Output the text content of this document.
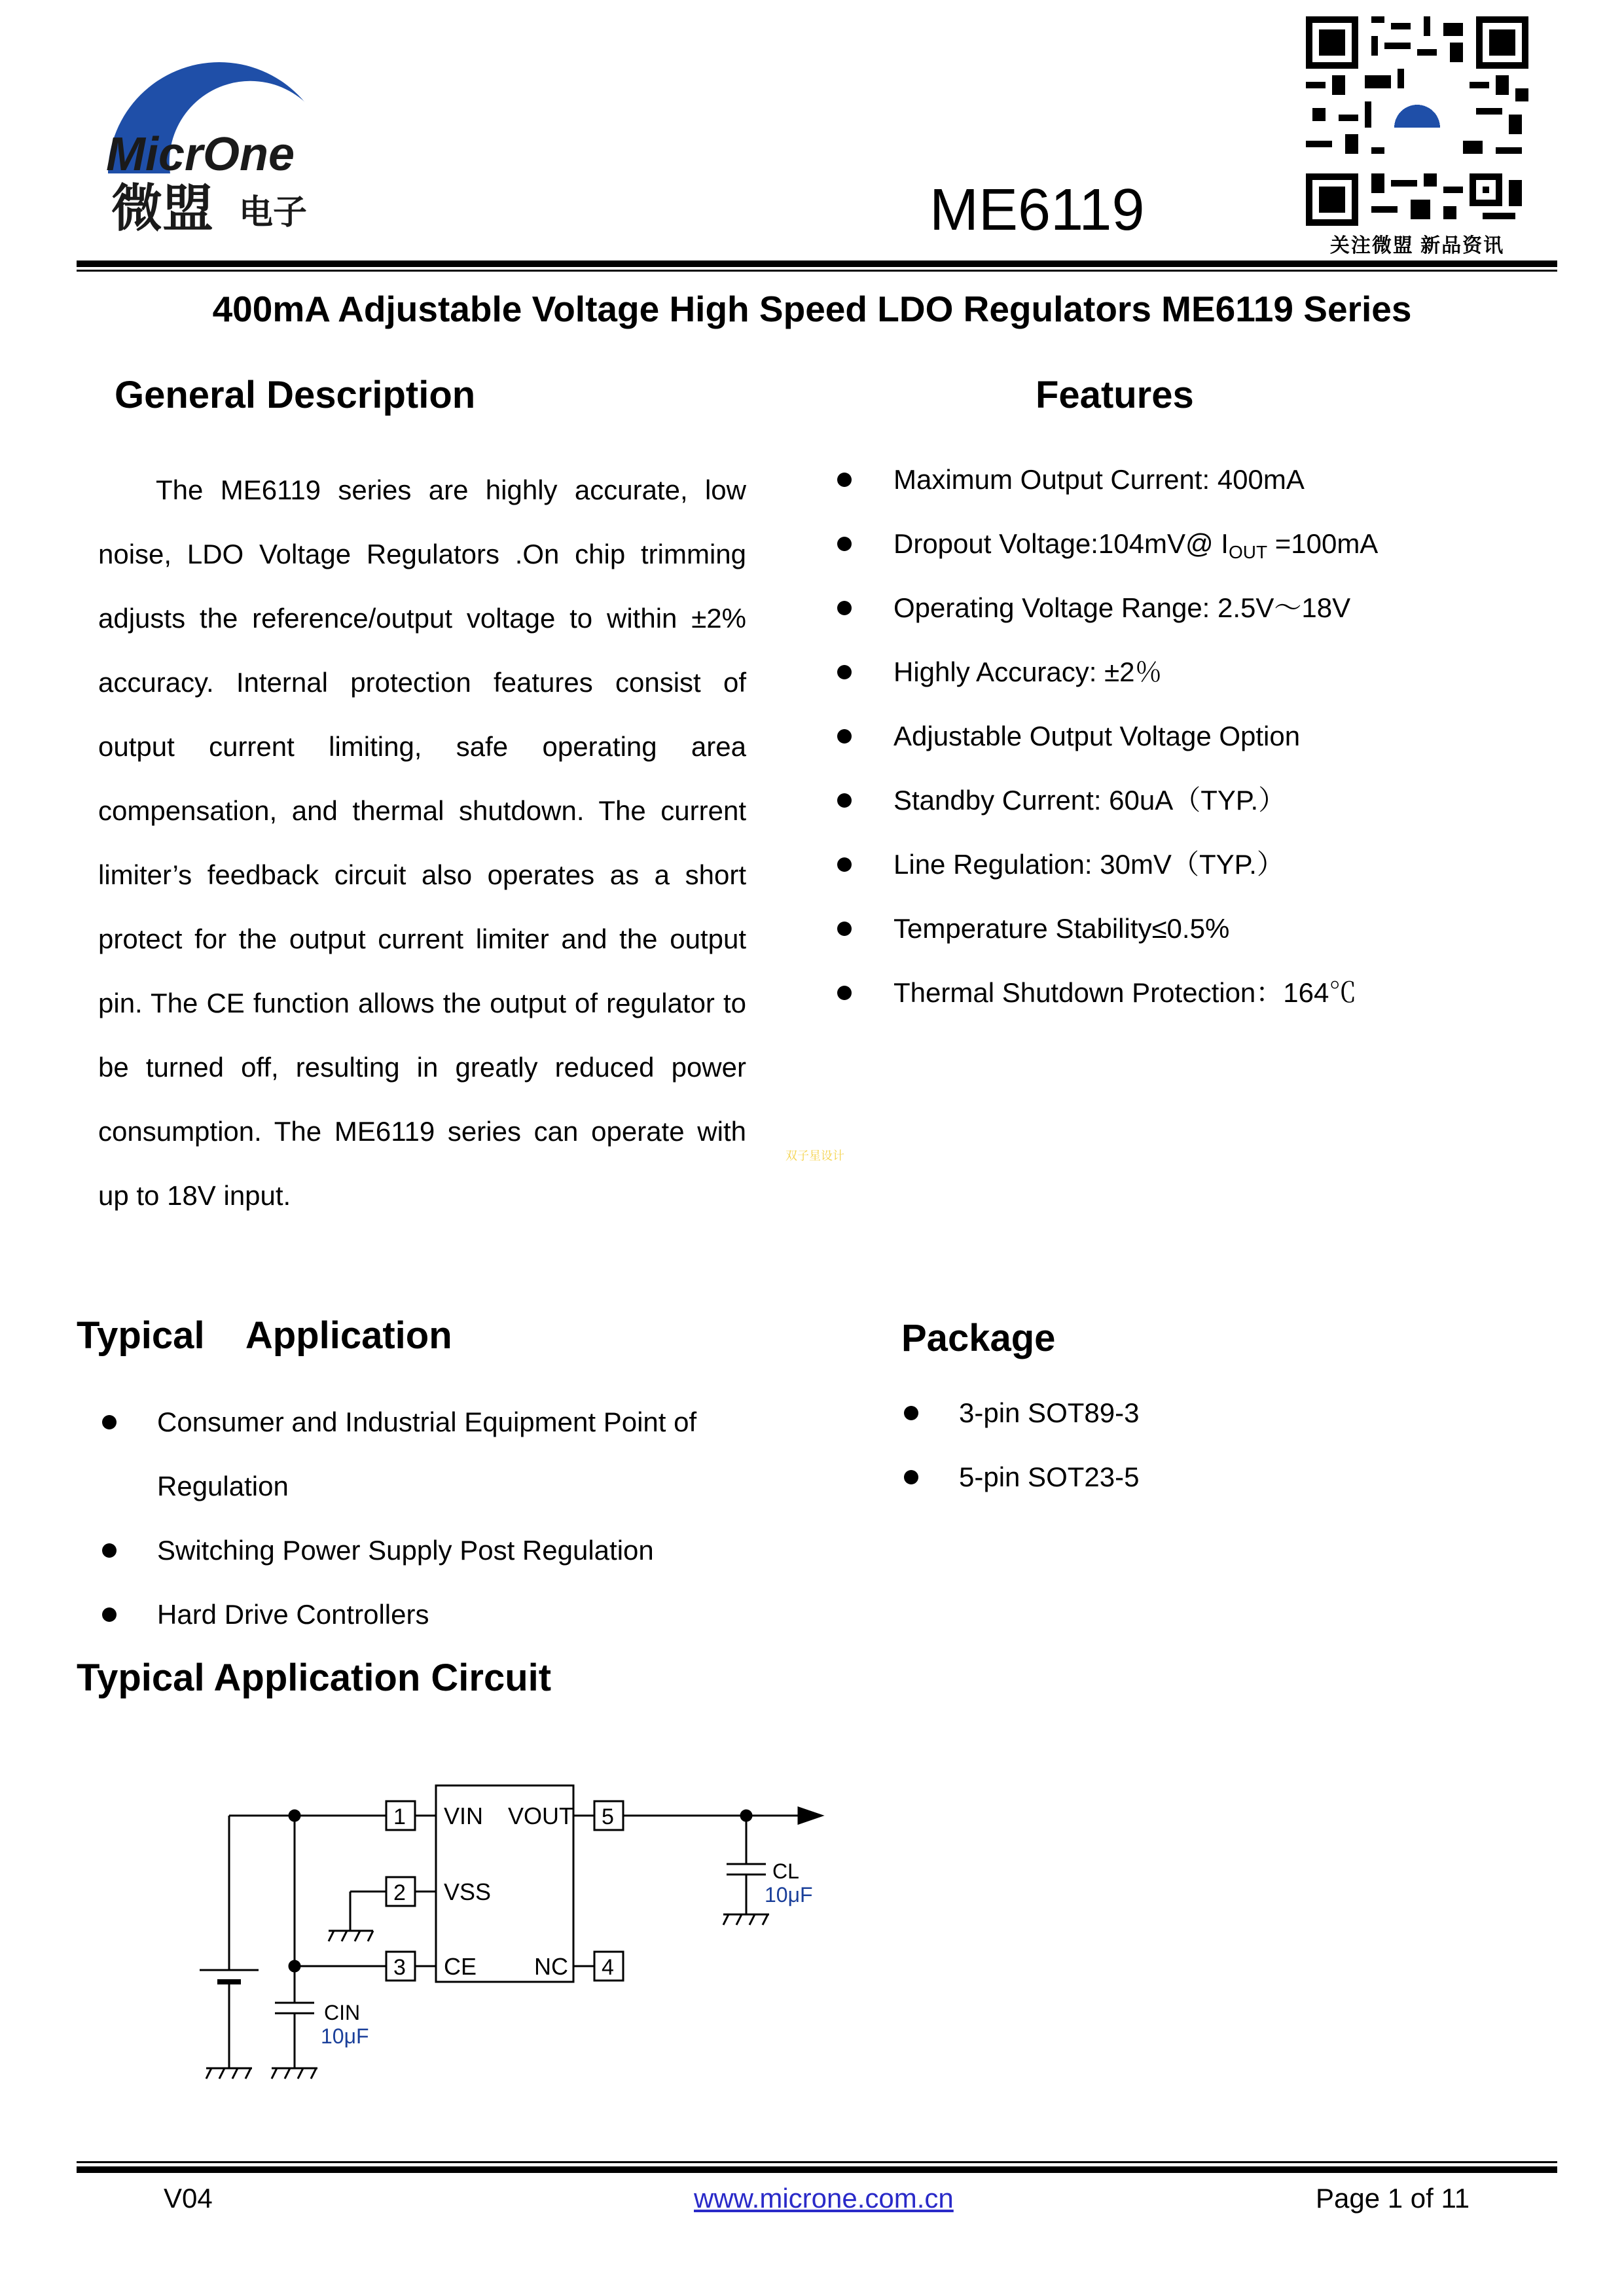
MicrOne
微盟 电子	ME6119
关注微盟 新品资讯
400mA Adjustable Voltage High Speed LDO Regulators ME6119 Series
General Description

The ME6119 series are highly accurate, low noise, LDO Voltage Regulators .On chip trimming adjusts the reference/output voltage to within ±2% accuracy. Internal protection features consist of output current limiting, safe operating area compensation, and thermal shutdown. The current limiter’s feedback circuit also operates as a short protect for the output current limiter and the output pin. The CE function allows the output of regulator to be turned off, resulting in greatly reduced power consumption. The ME6119 series can operate with up to 18V input.

Features
Maximum Output Current: 400mA
Dropout Voltage:104mV@ $I_{OUT} =100mA$
Operating Voltage Range: 2.5V～18V
Highly Accuracy: ±2％
Adjustable Output Voltage Option
Standby Current: 60uA（TYP.）
Line Regulation: 30mV（TYP.）
Temperature Stability≤0.5%
Thermal Shutdown Protection：164℃
双子星设计
Typical    Application
Consumer and Industrial Equipment Point of Regulation
Switching Power Supply Post Regulation
Hard Drive Controllers
Package
3-pin SOT89-3
5-pin SOT23-5
Typical Application Circuit
1
2
3
5
4
VIN
VSS
CE
VOUT
NC
CIN
10μF
CL
10μF
V04	www.microne.com.cn	Page 1 of 11
